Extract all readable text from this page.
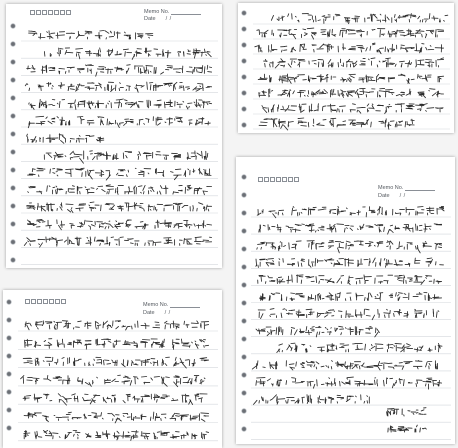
Memo No.
Date / /
Memo No.
Date / /
Memo No.
Date / /
